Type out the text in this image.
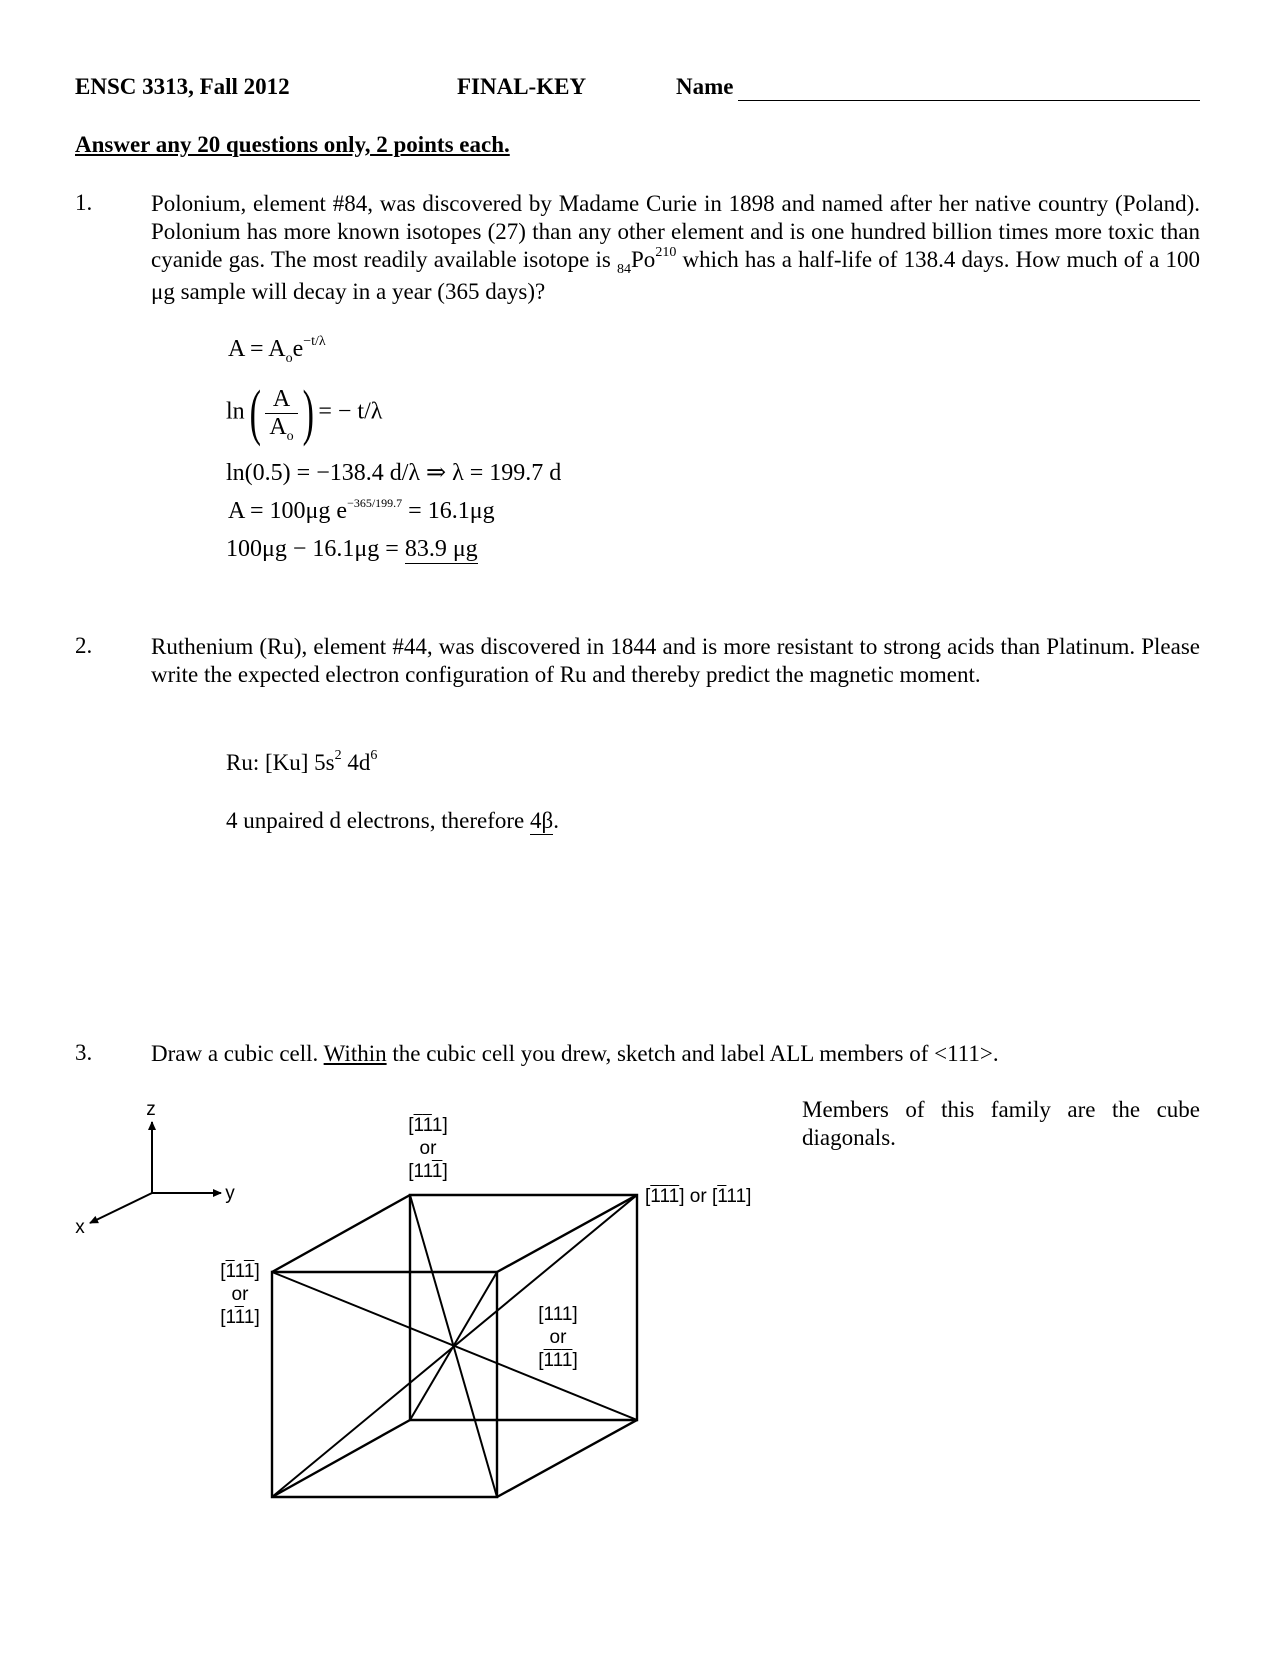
ENSC 3313, Fall 2012	FINAL-KEY	Name
Answer any 20 questions only, 2 points each.
1.	Polonium, element #84, was discovered by Madame Curie in 1898 and named after her native country (Poland). Polonium has more known isotopes (27) than any other element and is one hundred billion times more toxic than cyanide gas. The most readily available isotope is $_{84}Po^{210}$ which has a half-life of 138.4 days. How much of a 100 μg sample will decay in a year (365 days)?
$A = A_oe^{-t/\lambda}$
$\ln( \frac{A}{A_o}$ ) = − t/λ
ln(0.5) = −138.4 d/λ ⇒ λ = 199.7 d
A = 100μg $e^{-365/199.7} = 16.1\mu g$
100μg − 16.1μg = 83.9 μg
2.	Ruthenium (Ru), element #44, was discovered in 1844 and is more resistant to strong acids than Platinum. Please write the expected electron configuration of Ru and thereby predict the magnetic moment.
Ru: [Ku] $5s^2$ $4d^6$
4 unpaired d electrons, therefore 4β.
3.	Draw a cubic cell. Within the cubic cell you drew, sketch and label ALL members of <111>.
Members of this family are the cube diagonals.
z
y
x
[111]
or
[111]
[111] or [111]
[111]
or
[111]	[111]
or
[111]
